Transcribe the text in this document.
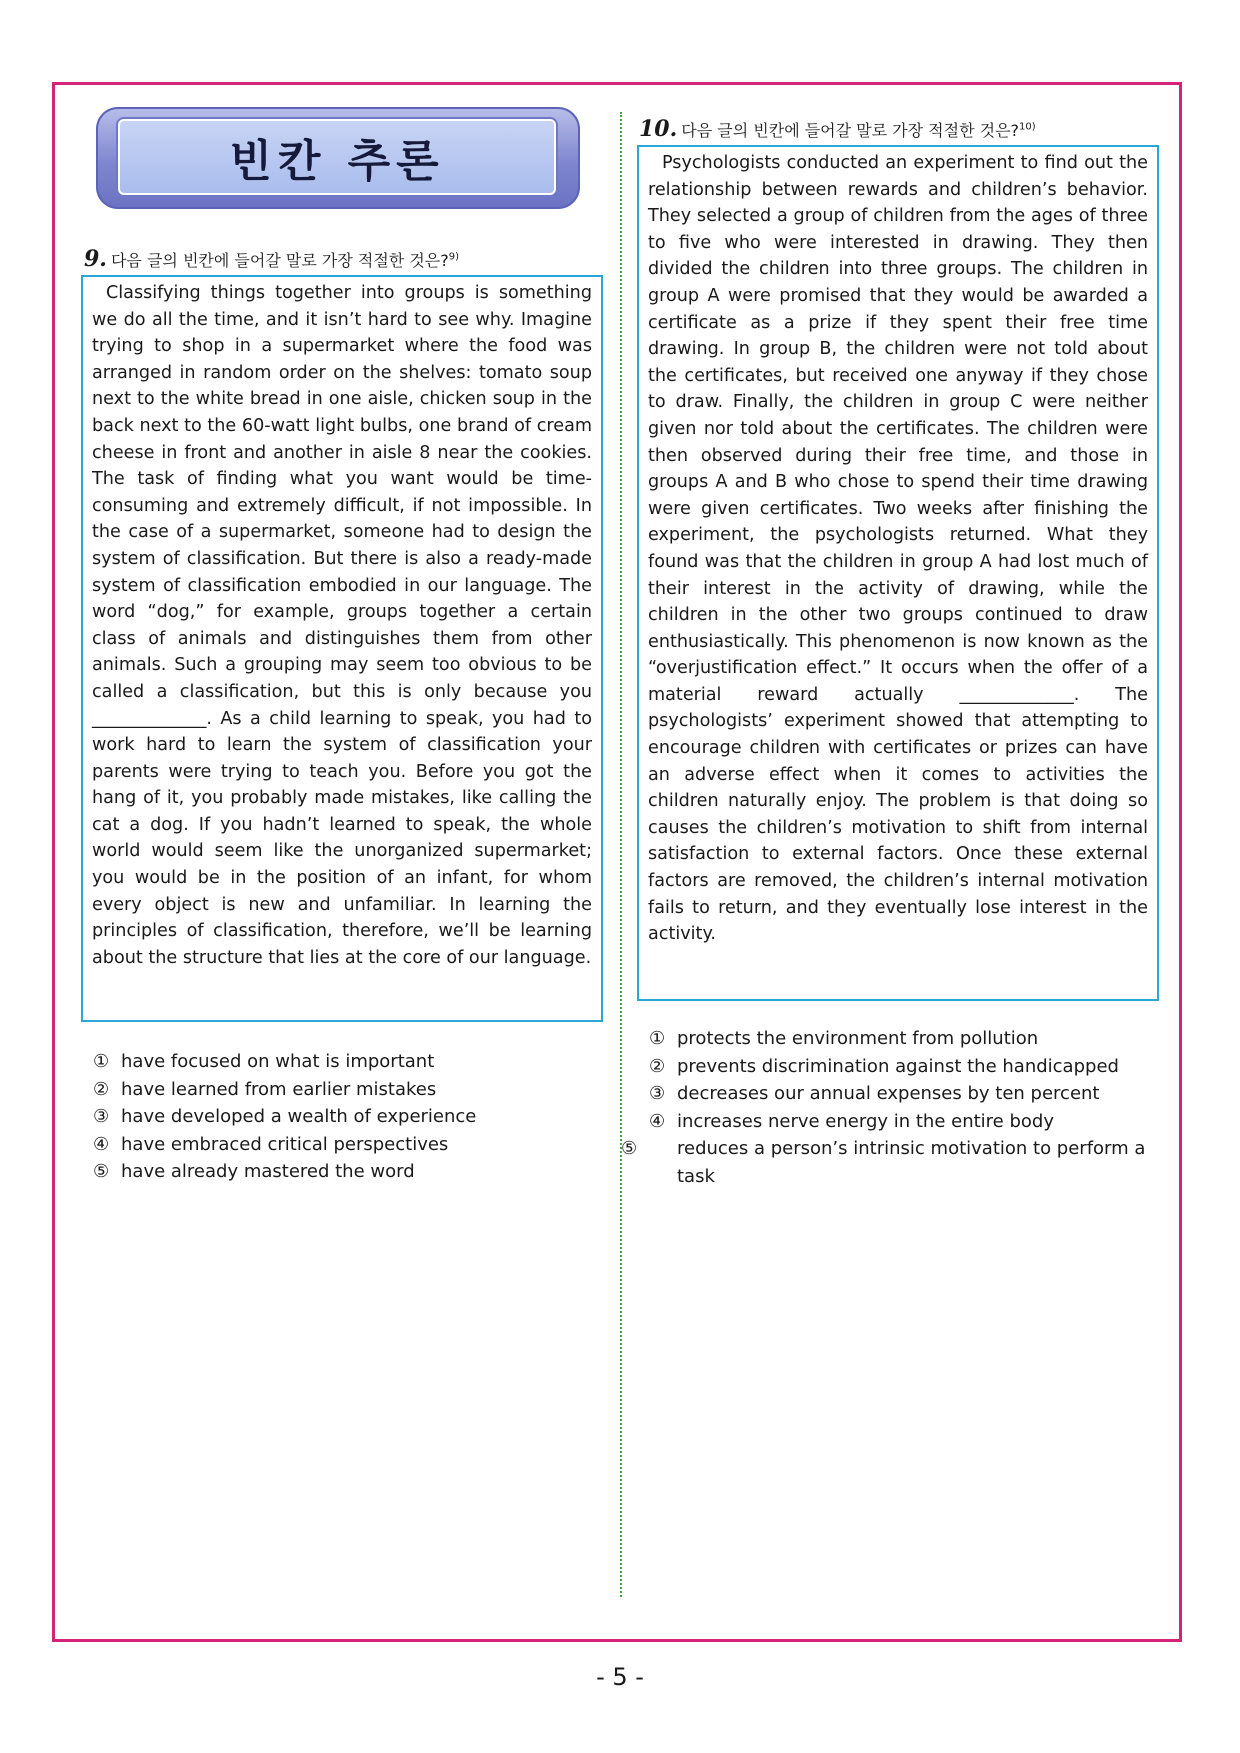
빈칸 추론
9. 다음 글의 빈칸에 들어갈 말로 가장 적절한 것은?$^{9)}$

Classifying things together into groups is something we do all the time, and it isn’t hard to see why. Imagine trying to shop in a supermarket where the food was arranged in random order on the shelves: tomato soup next to the white bread in one aisle, chicken soup in the back next to the 60-watt light bulbs, one brand of cream cheese in front and another in aisle 8 near the cookies. The task of finding what you want would be time-consuming and extremely difficult, if not impossible. In the case of a supermarket, someone had to design the system of classification. But there is also a ready-made system of classification embodied in our language. The word “dog,” for example, groups together a certain class of animals and distinguishes them from other animals. Such a grouping may seem too obvious to be called a classification, but this is only because you _____________. As a child learning to speak, you had to work hard to learn the system of classification your parents were trying to teach you. Before you got the hang of it, you probably made mistakes, like calling the cat a dog. If you hadn’t learned to speak, the whole world would seem like the unorganized supermarket; you would be in the position of an infant, for whom every object is new and unfamiliar. In learning the principles of classification, therefore, we’ll be learning about the structure that lies at the core of our language.

① have focused on what is important
② have learned from earlier mistakes
③ have developed a wealth of experience
④ have embraced critical perspectives
⑤ have already mastered the word
10. 다음 글의 빈칸에 들어갈 말로 가장 적절한 것은?$^{10)}$

Psychologists conducted an experiment to find out the relationship between rewards and children’s behavior. They selected a group of children from the ages of three to five who were interested in drawing. They then divided the children into three groups. The children in group A were promised that they would be awarded a certificate as a prize if they spent their free time drawing. In group B, the children were not told about the certificates, but received one anyway if they chose to draw. Finally, the children in group C were neither given nor told about the certificates. The children were then observed during their free time, and those in groups A and B who chose to spend their time drawing were given certificates. Two weeks after finishing the experiment, the psychologists returned. What they found was that the children in group A had lost much of their interest in the activity of drawing, while the children in the other two groups continued to draw enthusiastically. This phenomenon is now known as the “overjustification effect.” It occurs when the offer of a material reward actually _____________. The psychologists’ experiment showed that attempting to encourage children with certificates or prizes can have an adverse effect when it comes to activities the children naturally enjoy. The problem is that doing so causes the children’s motivation to shift from internal satisfaction to external factors. Once these external factors are removed, the children’s internal motivation fails to return, and they eventually lose interest in the activity.

① protects the environment from pollution
② prevents discrimination against the handicapped
③ decreases our annual expenses by ten percent
④ increases nerve energy in the entire body
⑤ reduces a person’s intrinsic motivation to perform a task
- 5 -
